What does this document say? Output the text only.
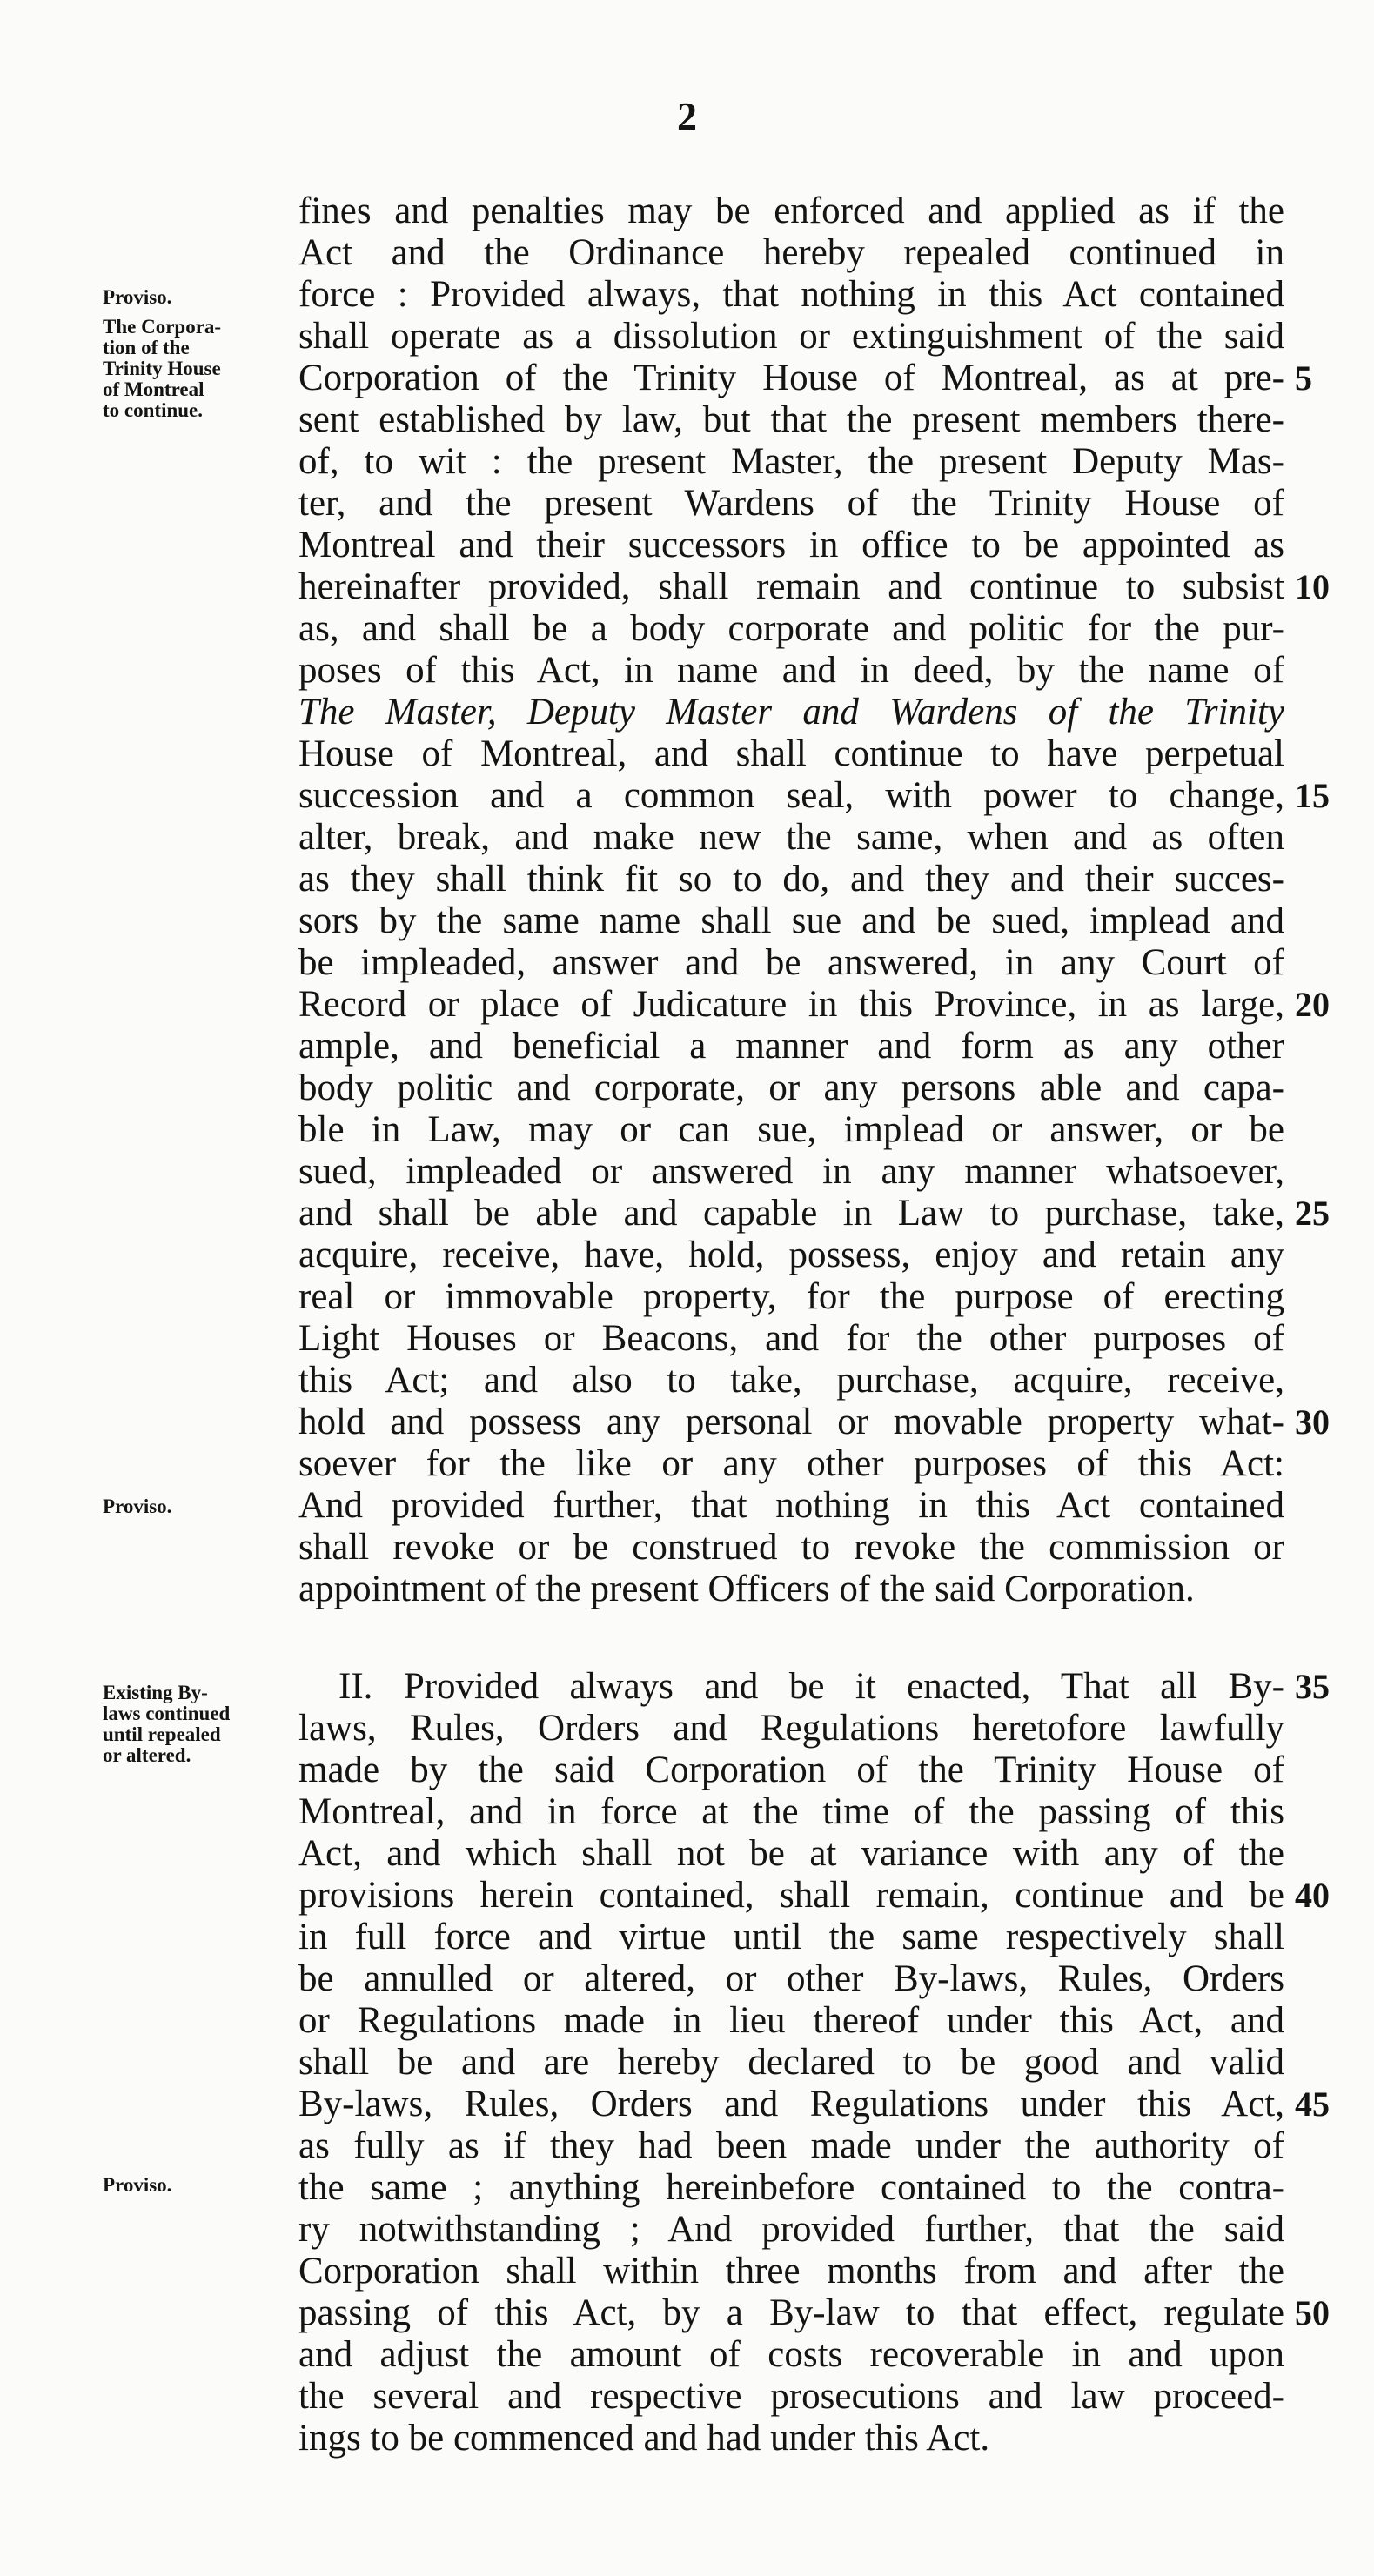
2
fines and penalties may be enforced and applied as if the
Act and the Ordinance hereby repealed continued in
force : Provided always, that nothing in this Act contained
shall operate as a dissolution or extinguishment of the said
Corporation of the Trinity House of Montreal, as at pre-
sent established by law, but that the present members there-
of, to wit : the present Master, the present Deputy Mas-
ter, and the present Wardens of the Trinity House of
Montreal and their successors in office to be appointed as
hereinafter provided, shall remain and continue to subsist
as, and shall be a body corporate and politic for the pur-
poses of this Act, in name and in deed, by the name of
The Master, Deputy Master and Wardens of the Trinity
House of Montreal, and shall continue to have perpetual
succession and a common seal, with power to change,
alter, break, and make new the same, when and as often
as they shall think fit so to do, and they and their succes-
sors by the same name shall sue and be sued, implead and
be impleaded, answer and be answered, in any Court of
Record or place of Judicature in this Province, in as large,
ample, and beneficial a manner and form as any other
body politic and corporate, or any persons able and capa-
ble in Law, may or can sue, implead or answer, or be
sued, impleaded or answered in any manner whatsoever,
and shall be able and capable in Law to purchase, take,
acquire, receive, have, hold, possess, enjoy and retain any
real or immovable property, for the purpose of erecting
Light Houses or Beacons, and for the other purposes of
this Act; and also to take, purchase, acquire, receive,
hold and possess any personal or movable property what-
soever for the like or any other purposes of this Act:
And provided further, that nothing in this Act contained
shall revoke or be construed to revoke the commission or
appointment of the present Officers of the said Corporation.
II. Provided always and be it enacted, That all By-
laws, Rules, Orders and Regulations heretofore lawfully
made by the said Corporation of the Trinity House of
Montreal, and in force at the time of the passing of this
Act, and which shall not be at variance with any of the
provisions herein contained, shall remain, continue and be
in full force and virtue until the same respectively shall
be annulled or altered, or other By-laws, Rules, Orders
or Regulations made in lieu thereof under this Act, and
shall be and are hereby declared to be good and valid
By-laws, Rules, Orders and Regulations under this Act,
as fully as if they had been made under the authority of
the same ; anything hereinbefore contained to the contra-
ry notwithstanding ; And provided further, that the said
Corporation shall within three months from and after the
passing of this Act, by a By-law to that effect, regulate
and adjust the amount of costs recoverable in and upon
the several and respective prosecutions and law proceed-
ings to be commenced and had under this Act.
5
10
15
20
25
30
35
40
45
50
Proviso.
The Corpora-
tion of the
Trinity House
of Montreal
to continue.
Proviso.
Existing By-
laws continued
until repealed
or altered.
Proviso.
